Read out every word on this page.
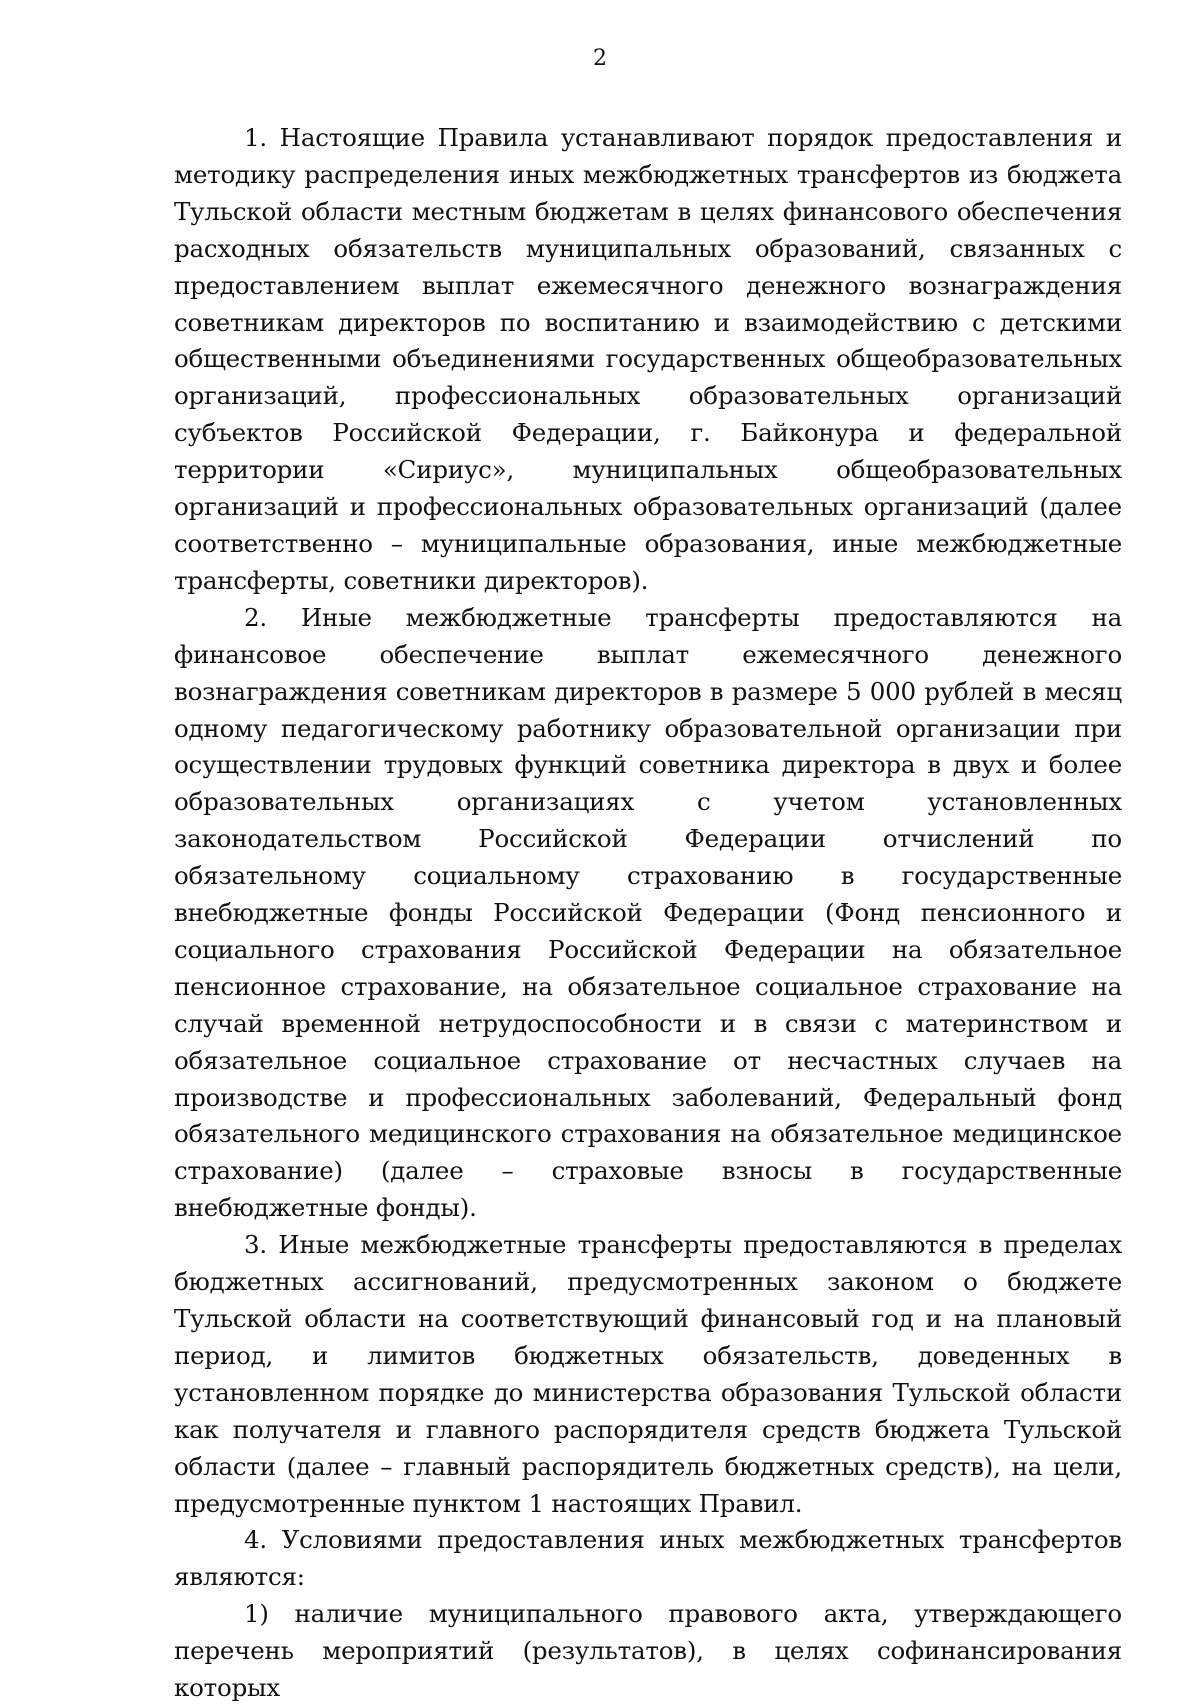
2

1. Настоящие Правила устанавливают порядок предоставления и методику распределения иных межбюджетных трансфертов из бюджета Тульской области местным бюджетам в целях финансового обеспечения расходных обязательств муниципальных образований, связанных с предоставлением выплат ежемесячного денежного вознаграждения советникам директоров по воспитанию и взаимодействию с детскими общественными объединениями государственных общеобразовательных организаций, профессиональных образовательных организаций субъектов Российской Федерации, г. Байконура и федеральной территории «Сириус», муниципальных общеобразовательных организаций и профессиональных образовательных организаций (далее соответственно – муниципальные образования, иные межбюджетные трансферты, советники директоров).

2. Иные межбюджетные трансферты предоставляются на финансовое обеспечение выплат ежемесячного денежного вознаграждения советникам директоров в размере 5 000 рублей в месяц одному педагогическому работнику образовательной организации при осуществлении трудовых функций советника директора в двух и более образовательных организациях с учетом установленных законодательством Российской Федерации отчислений по обязательному социальному страхованию в государственные внебюджетные фонды Российской Федерации (Фонд пенсионного и социального страхования Российской Федерации на обязательное пенсионное страхование, на обязательное социальное страхование на случай временной нетрудоспособности и в связи с материнством и обязательное социальное страхование от несчастных случаев на производстве и профессиональных заболеваний, Федеральный фонд обязательного медицинского страхования на обязательное медицинское страхование) (далее – страховые взносы в государственные внебюджетные фонды).

3. Иные межбюджетные трансферты предоставляются в пределах бюджетных ассигнований, предусмотренных законом о бюджете Тульской области на соответствующий финансовый год и на плановый период, и лимитов бюджетных обязательств, доведенных в установленном порядке до министерства образования Тульской области как получателя и главного распорядителя средств бюджета Тульской области (далее – главный распорядитель бюджетных средств), на цели, предусмотренные пунктом 1 настоящих Правил.

4. Условиями предоставления иных межбюджетных трансфертов являются:

1) наличие муниципального правового акта, утверждающего перечень мероприятий (результатов), в целях софинансирования которых
